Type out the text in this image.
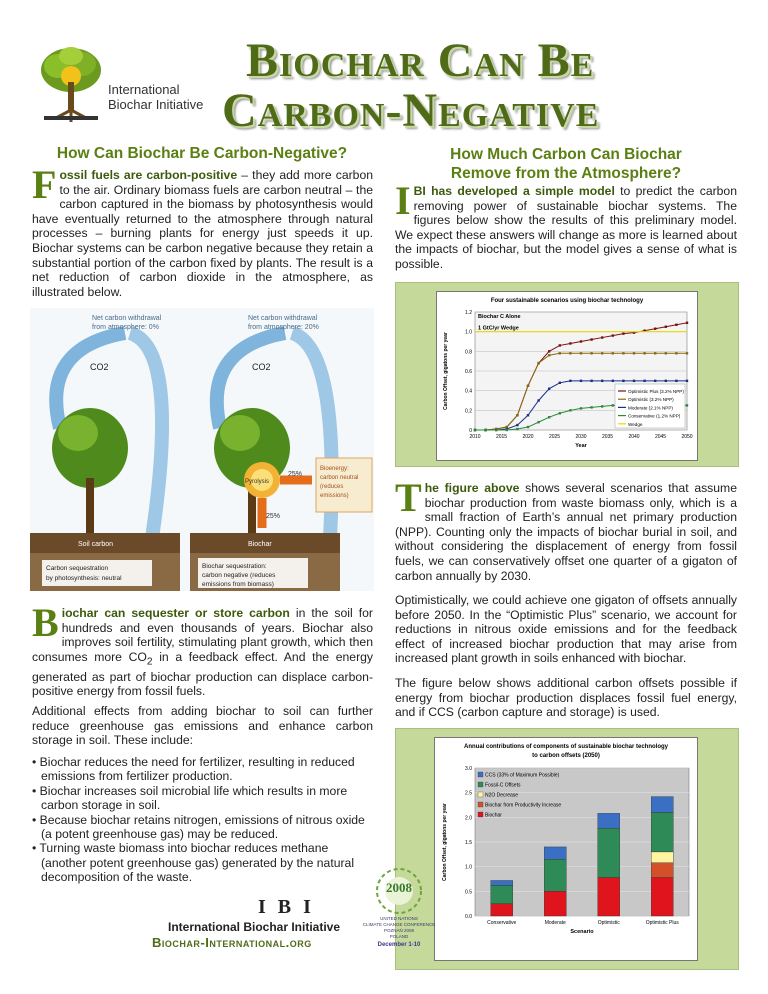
International
Biochar Initiative
Biochar Can Be
Carbon-Negative
How Can Biochar Be Carbon-Negative?
Fossil fuels are carbon-positive – they add more carbon to the air. Ordinary biomass fuels are carbon neutral – the carbon captured in the biomass by photosynthesis would have eventually returned to the atmosphere through natural processes – burning plants for energy just speeds it up. Biochar systems can be carbon negative because they retain a substantial portion of the carbon fixed by plants. The result is a net reduction of carbon dioxide in the atmosphere, as illustrated below.
Net carbon withdrawal
from atmosphere: 0%
Net carbon withdrawal
from atmosphere: 20%
CO2	CO2
Pyrolysis
25%
25%
Soil carbon	Biochar
Bioenergy:
carbon neutral
(reduces
emissions)
Carbon sequestration
by photosynthesis: neutral
Biochar sequestration:
carbon negative (reduces
emissions from biomass)
Biochar can sequester or store carbon in the soil for hundreds and even thousands of years. Biochar also improves soil fertility, stimulating plant growth, which then consumes more $CO_2$ in a feedback effect. And the energy generated as part of biochar production can displace carbon-positive energy from fossil fuels.
Additional effects from adding biochar to soil can further reduce greenhouse gas emissions and enhance carbon storage in soil. These include:
• Biochar reduces the need for fertilizer, resulting in reduced emissions from fertilizer production.
• Biochar increases soil microbial life which results in more carbon storage in soil.
• Because biochar retains nitrogen, emissions of nitrous oxide (a potent greenhouse gas) may be reduced.
• Turning waste biomass into biochar reduces methane (another potent greenhouse gas) generated by the natural decomposition of the waste.
How Much Carbon Can Biochar
Remove from the Atmosphere?
IBI has developed a simple model to predict the carbon removing power of sustainable biochar systems. The figures below show the results of this preliminary model. We expect these answers will change as more is learned about the impacts of biochar, but the model gives a sense of what is possible.
Four sustainable scenarios using biochar technology
0
0.2
0.4
0.6
0.8
1.0
1.2
2010	2015	2020	2025	2030	2035	2040	2045	2050
Year
Carbon Offset, gigatons per year
Biochar C Alone
1 GtC/yr Wedge
Optimistic Plus (3.2% NPP)
Optimistic (3.2% NPP)
Moderate (2.1% NPP)
Conservative (1.2% NPP)
Wedge
The figure above shows several scenarios that assume biochar production from waste biomass only, which is a small fraction of Earth’s annual net primary production (NPP). Counting only the impacts of biochar burial in soil, and without considering the displacement of energy from fossil fuels, we can conservatively offset one quarter of a gigaton of carbon annually by 2030.
Optimistically, we could achieve one gigaton of offsets annually before 2050. In the “Optimistic Plus” scenario, we account for reductions in nitrous oxide emissions and for the feedback effect of increased biochar production that may arise from increased plant growth in soils enhanced with biochar.
The figure below shows additional carbon offsets possible if energy from biochar production displaces fossil fuel energy, and if CCS (carbon capture and storage) is used.
Annual contributions of components of sustainable biochar technology
to carbon offsets (2050)
0.0
0.5
1.0
1.5
2.0
2.5
3.0
Conservative	Moderate	Optimistic	Optimistic Plus
Scenario
Carbon Offset, gigatons per year
CCS (33% of Maximum Possible)
Fossil-C Offsets
N2O Decrease
Biochar from Productivity Increase
Biochar
IBI
International Biochar Initiative
Biochar-International.org
2008
UNITED NATIONS
CLIMATE CHANGE CONFERENCE
POZNAŃ 2008
POLAND
December 1-10
